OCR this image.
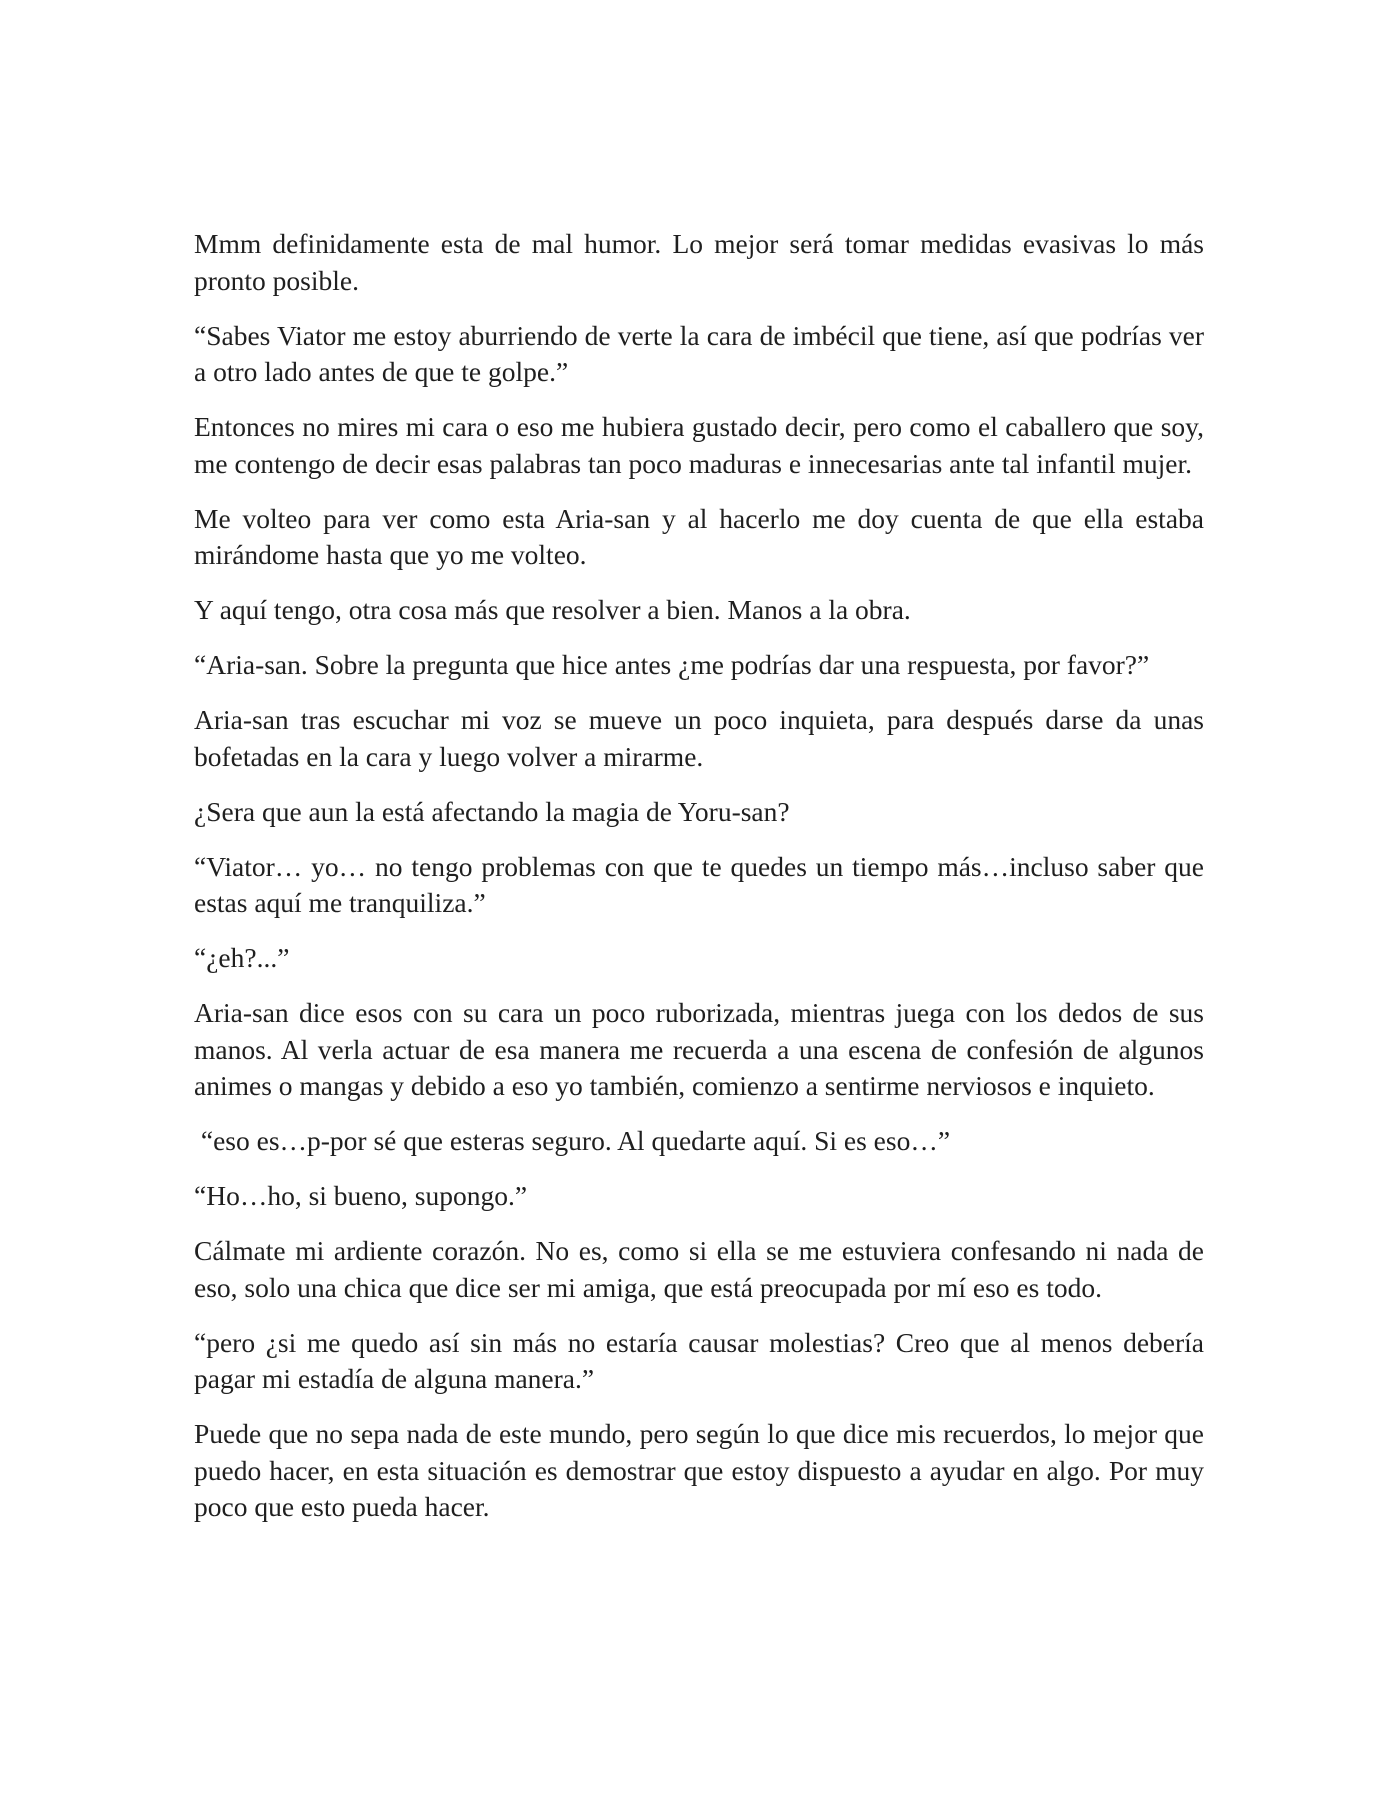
Mmm definidamente esta de mal humor. Lo mejor será tomar medidas evasivas lo más pronto posible.

“Sabes Viator me estoy aburriendo de verte la cara de imbécil que tiene, así que podrías ver a otro lado antes de que te golpe.”

Entonces no mires mi cara o eso me hubiera gustado decir, pero como el caballero que soy, me contengo de decir esas palabras tan poco maduras e innecesarias ante tal infantil mujer.

Me volteo para ver como esta Aria-san y al hacerlo me doy cuenta de que ella estaba mirándome hasta que yo me volteo.

Y aquí tengo, otra cosa más que resolver a bien. Manos a la obra.

“Aria-san. Sobre la pregunta que hice antes ¿me podrías dar una respuesta, por favor?”

Aria-san tras escuchar mi voz se mueve un poco inquieta, para después darse da unas bofetadas en la cara y luego volver a mirarme.

¿Sera que aun la está afectando la magia de Yoru-san?

“Viator… yo… no tengo problemas con que te quedes un tiempo más…incluso saber que estas aquí me tranquiliza.”

“¿eh?...”

Aria-san dice esos con su cara un poco ruborizada, mientras juega con los dedos de sus manos. Al verla actuar de esa manera me recuerda a una escena de confesión de algunos animes o mangas y debido a eso yo también, comienzo a sentirme nerviosos e inquieto.

“eso es…p-por sé que esteras seguro. Al quedarte aquí. Si es eso…”

“Ho…ho, si bueno, supongo.”

Cálmate mi ardiente corazón. No es, como si ella se me estuviera confesando ni nada de eso, solo una chica que dice ser mi amiga, que está preocupada por mí eso es todo.

“pero ¿si me quedo así sin más no estaría causar molestias? Creo que al menos debería pagar mi estadía de alguna manera.”

Puede que no sepa nada de este mundo, pero según lo que dice mis recuerdos, lo mejor que puedo hacer, en esta situación es demostrar que estoy dispuesto a ayudar en algo. Por muy poco que esto pueda hacer.
